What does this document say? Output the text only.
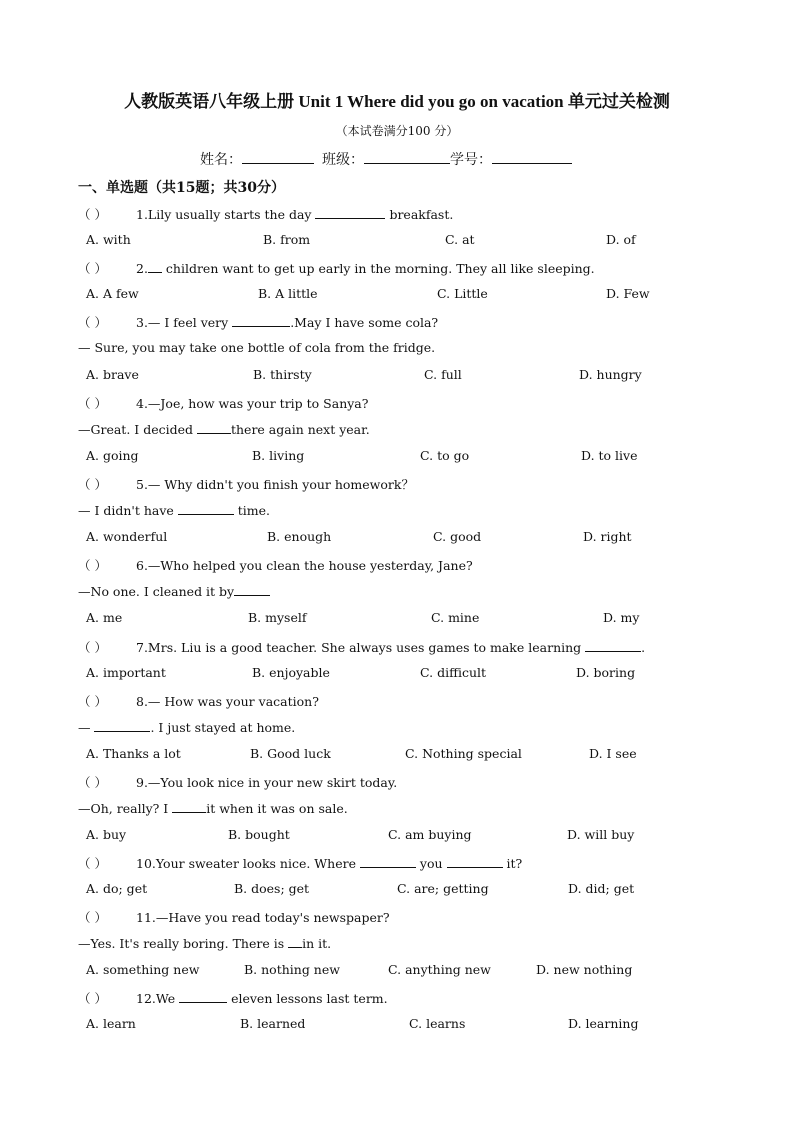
人教版英语八年级上册 Unit 1 Where did you go on vacation 单元过关检测
（本试卷满分100 分）
姓名：	班级：	学号：
一、单选题（共15题；共30分）
（ ） 1.Lily usually starts the day	breakfast.
A. with	B. from	C. at	D. of
（ ） 2. children want to get up early in the morning. They all like sleeping.
A. A few	B. A little	C. Little	D. Few
（ ） 3.— I feel very	.May I have some cola?
— Sure, you may take one bottle of cola from the fridge.
A. brave	B. thirsty	C. full	D. hungry
（ ） 4.—Joe, how was your trip to Sanya?
—Great. I decided	there again next year.
A. going	B. living	C. to go	D. to live
（ ） 5.— Why didn't you finish your homework？
— I didn't have	time.
A. wonderful	B. enough	C. good	D. right
（ ） 6.—Who helped you clean the house yesterday, Jane?
—No one. I cleaned it by
A. me	B. myself	C. mine	D. my
（ ） 7.Mrs. Liu is a good teacher. She always uses games to make learning	.
A. important	B. enjoyable	C. difficult	D. boring
（ ） 8.— How was your vacation?
—	. I just stayed at home.
A. Thanks a lot	B. Good luck	C. Nothing special	D. I see
（ ） 9.—You look nice in your new skirt today.
—Oh, really? I	it when it was on sale.
A. buy	B. bought	C. am buying	D. will buy
（ ） 10.Your sweater looks nice. Where	you	it?
A. do; get	B. does; get	C. are; getting	D. did; get
（ ） 11.—Have you read today's newspaper?
—Yes. It's really boring. There is in it.
A. something new	B. nothing new	C. anything new	D. new nothing
（ ） 12.We	eleven lessons last term.
A. learn	B. learned	C. learns	D. learning
